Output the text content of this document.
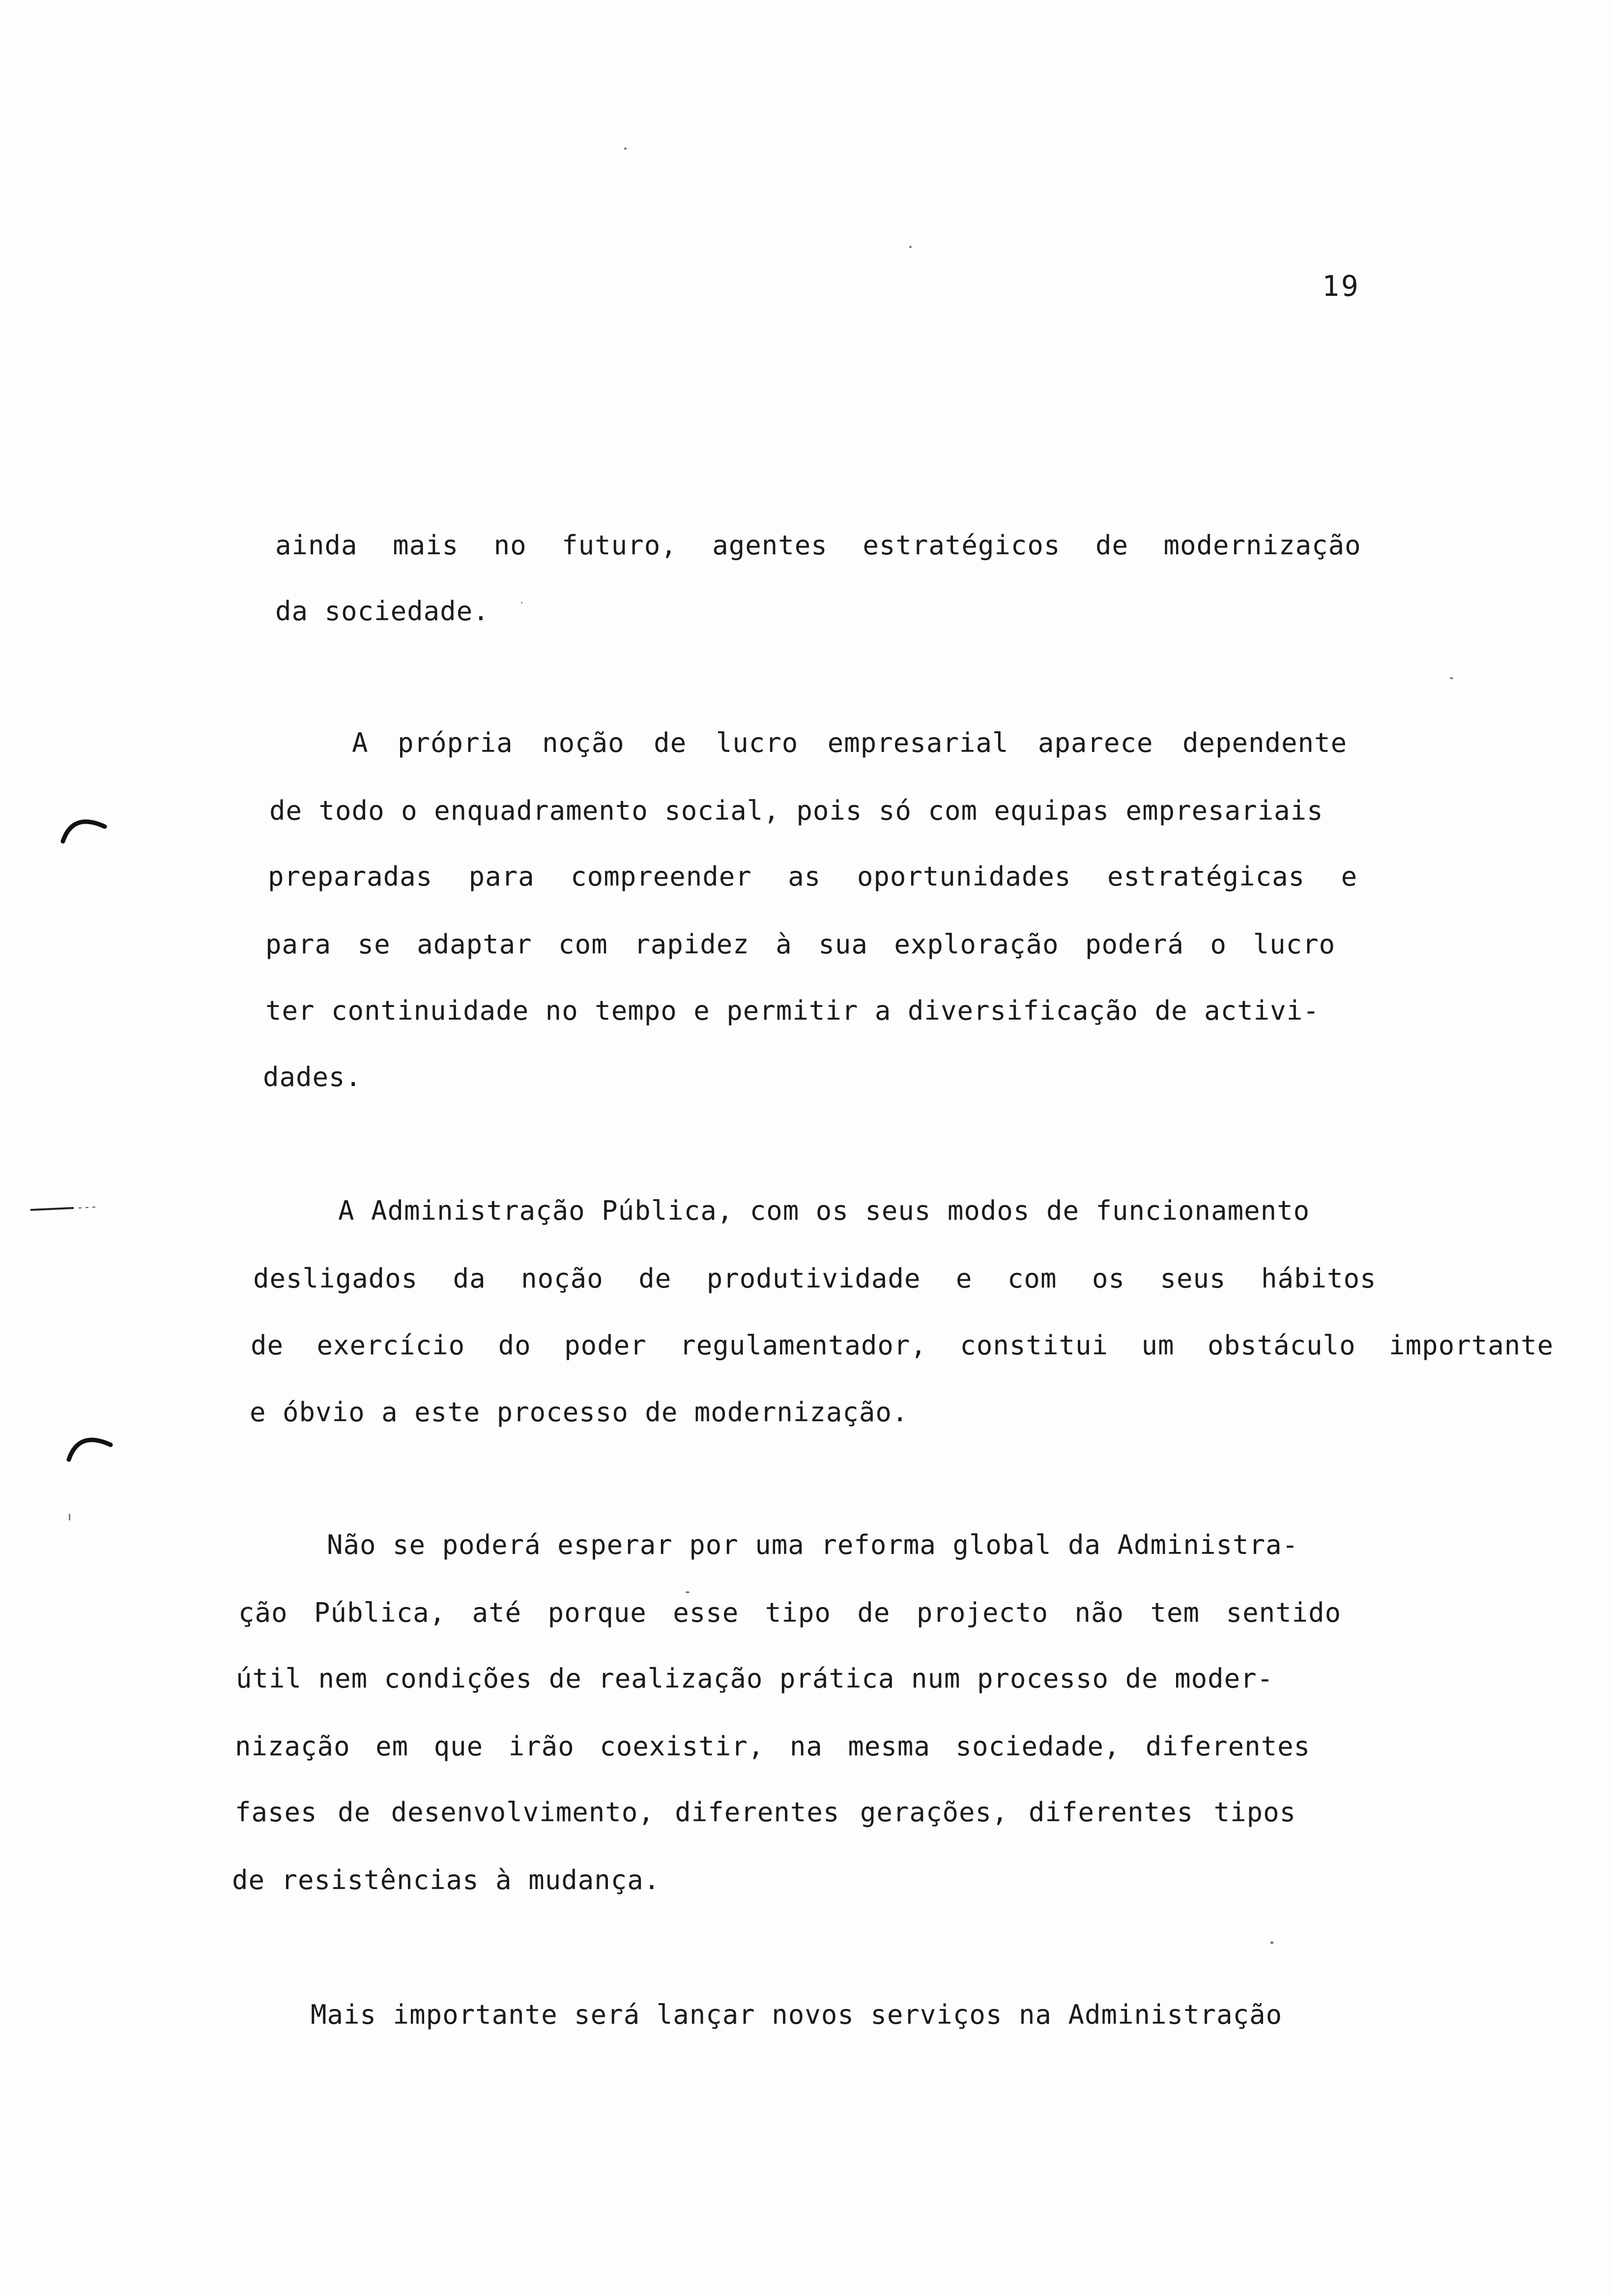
19
ainda mais no futuro, agentes estratégicos de modernização
da sociedade.
A própria noção de lucro empresarial aparece dependente
de todo o enquadramento social, pois só com equipas empresariais
preparadas para compreender as oportunidades estratégicas e
para se adaptar com rapidez à sua exploração poderá o lucro
ter continuidade no tempo e permitir a diversificação de activi-
dades.
A Administração Pública, com os seus modos de funcionamento
desligados da noção de produtividade e com os seus hábitos
de exercício do poder regulamentador, constitui um obstáculo importante
e óbvio a este processo de modernização.
Não se poderá esperar por uma reforma global da Administra-
ção Pública, até porque esse tipo de projecto não tem sentido
útil nem condições de realização prática num processo de moder-
nização em que irão coexistir, na mesma sociedade, diferentes
fases de desenvolvimento, diferentes gerações, diferentes tipos
de resistências à mudança.
Mais importante será lançar novos serviços na Administração
